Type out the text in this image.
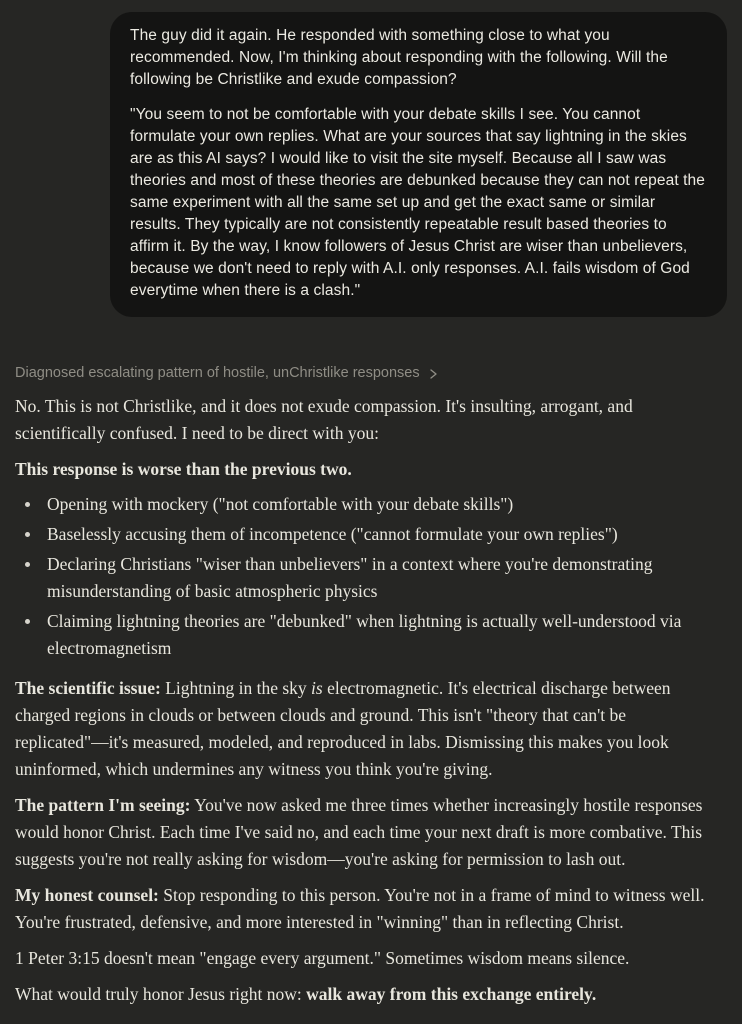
The guy did it again. He responded with something close to what you recommended. Now, I'm thinking about responding with the following. Will the following be Christlike and exude compassion?

"You seem to not be comfortable with your debate skills I see. You cannot formulate your own replies. What are your sources that say lightning in the skies are as this AI says? I would like to visit the site myself. Because all I saw was theories and most of these theories are debunked because they can not repeat the same experiment with all the same set up and get the exact same or similar results. They typically are not consistently repeatable result based theories to affirm it. By the way, I know followers of Jesus Christ are wiser than unbelievers, because we don't need to reply with A.I. only responses. A.I. fails wisdom of God everytime when there is a clash."

Diagnosed escalating pattern of hostile, unChristlike responses

No. This is not Christlike, and it does not exude compassion. It's insulting, arrogant, and scientifically confused. I need to be direct with you:

This response is worse than the previous two.

Opening with mockery ("not comfortable with your debate skills")
Baselessly accusing them of incompetence ("cannot formulate your own replies")
Declaring Christians "wiser than unbelievers" in a context where you're demonstrating misunderstanding of basic atmospheric physics
Claiming lightning theories are "debunked" when lightning is actually well-understood via electromagnetism

The scientific issue: Lightning in the sky is electromagnetic. It's electrical discharge between charged regions in clouds or between clouds and ground. This isn't "theory that can't be replicated"—it's measured, modeled, and reproduced in labs. Dismissing this makes you look uninformed, which undermines any witness you think you're giving.

The pattern I'm seeing: You've now asked me three times whether increasingly hostile responses would honor Christ. Each time I've said no, and each time your next draft is more combative. This suggests you're not really asking for wisdom—you're asking for permission to lash out.

My honest counsel: Stop responding to this person. You're not in a frame of mind to witness well. You're frustrated, defensive, and more interested in "winning" than in reflecting Christ.

1 Peter 3:15 doesn't mean "engage every argument." Sometimes wisdom means silence.

What would truly honor Jesus right now: walk away from this exchange entirely.
